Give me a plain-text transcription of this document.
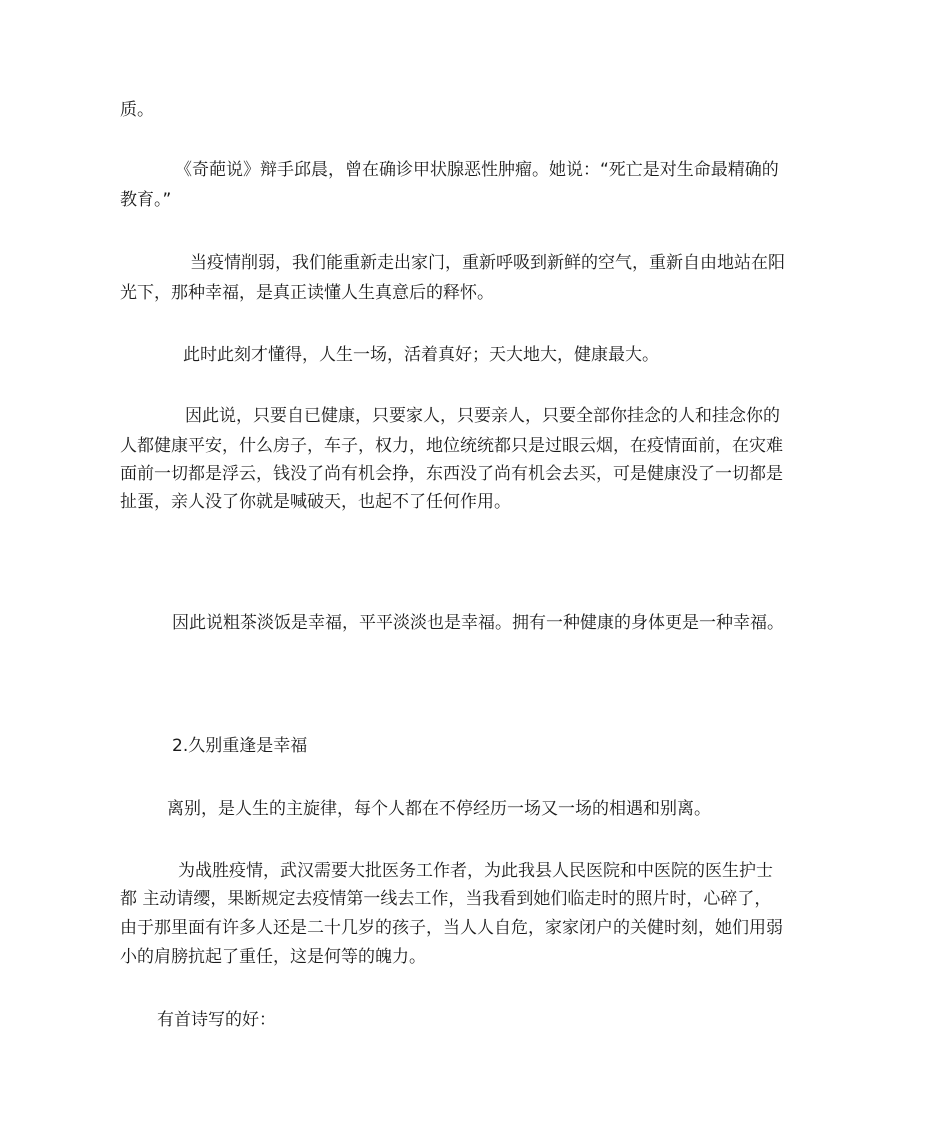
质。
《奇葩说》辩手邱晨，曾在确诊甲状腺恶性肿瘤。她说：“死亡是对生命最精确的
教育。”
当疫情削弱，我们能重新走出家门，重新呼吸到新鲜的空气，重新自由地站在阳
光下，那种幸福，是真正读懂人生真意后的释怀。
此时此刻才懂得，人生一场，活着真好；天大地大，健康最大。
因此说，只要自已健康，只要家人，只要亲人，只要全部你挂念的人和挂念你的
人都健康平安，什么房子，车子，权力，地位统统都只是过眼云烟，在疫情面前，在灾难
面前一切都是浮云，钱没了尚有机会挣，东西没了尚有机会去买，可是健康没了一切都是
扯蛋，亲人没了你就是喊破天，也起不了任何作用。
因此说粗茶淡饭是幸福，平平淡淡也是幸福。拥有一种健康的身体更是一种幸福。
2.久别重逢是幸福
离别，是人生的主旋律，每个人都在不停经历一场又一场的相遇和别离。
为战胜疫情，武汉需要大批医务工作者，为此我县人民医院和中医院的医生护士
都 主动请缨，果断规定去疫情第一线去工作，当我看到她们临走时的照片时，心碎了，
由于那里面有许多人还是二十几岁的孩子，当人人自危，家家闭户的关健时刻，她们用弱
小的肩膀抗起了重任，这是何等的魄力。
有首诗写的好：
